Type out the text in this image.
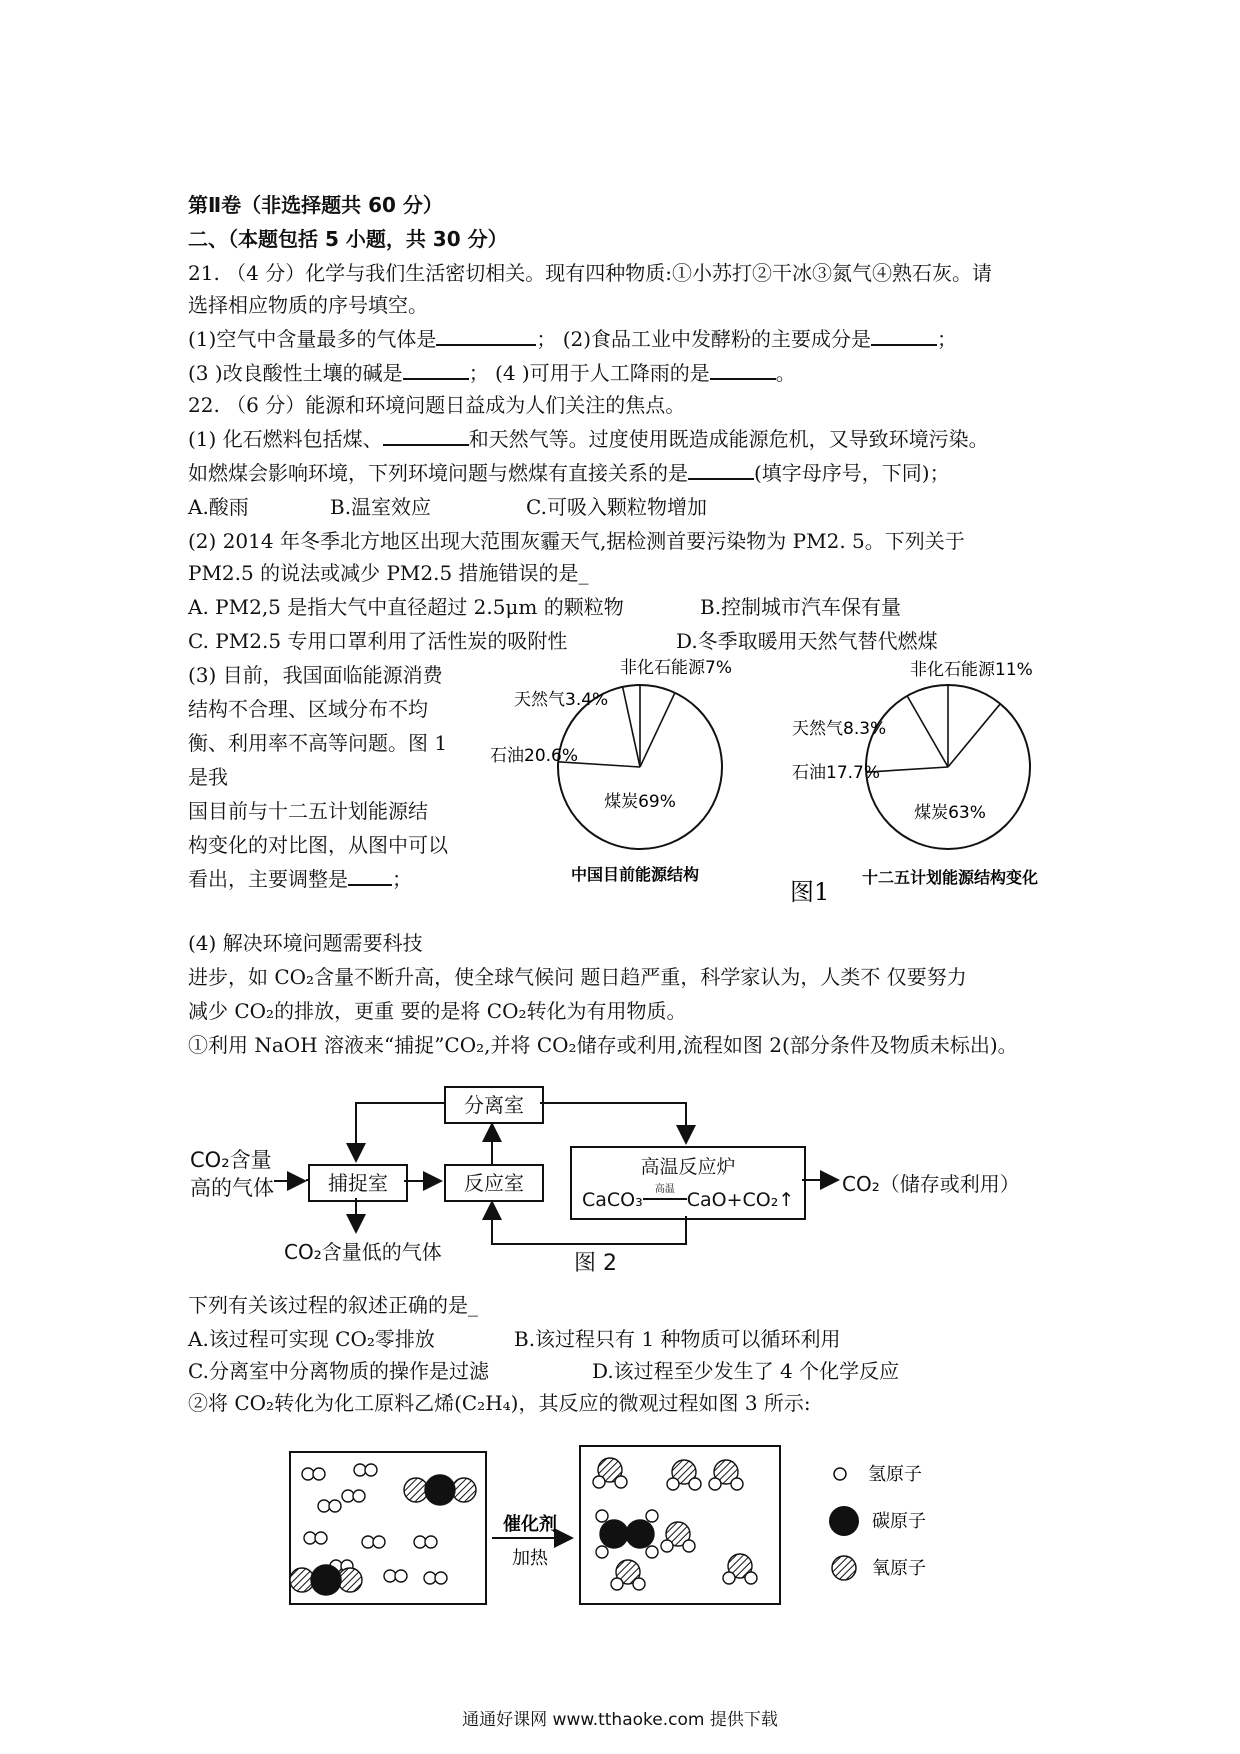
第Ⅱ卷（非选择题共 60 分）
二、（本题包括 5 小题，共 30 分）
21. （4 分）化学与我们生活密切相关。现有四种物质:①小苏打②干冰③氮气④熟石灰。请
选择相应物质的序号填空。
(1)空气中含量最多的气体是	； (2)食品工业中发酵粉的主要成分是	；
(3 )改良酸性土壤的碱是	； (4 )可用于人工降雨的是	。
22. （6 分）能源和环境问题日益成为人们关注的焦点。
(1) 化石燃料包括煤、	和天然气等。过度使用既造成能源危机，又导致环境污染。
如燃煤会影响环境，下列环境问题与燃煤有直接关系的是	(填字母序号，下同)；
A.酸雨	B.温室效应	C.可吸入颗粒物增加
(2) 2014 年冬季北方地区出现大范围灰霾天气,据检测首要污染物为 PM2. 5。下列关于
PM2.5 的说法或减少 PM2.5 措施错误的是_
A. PM2,5 是指大气中直径超过 2.5μm 的颗粒物	B.控制城市汽车保有量
C. PM2.5 专用口罩利用了活性炭的吸附性	D.冬季取暖用天然气替代燃煤
(3) 目前，我国面临能源消费
结构不合理、区域分布不均
衡、利用率不高等问题。图 1
是我
国目前与十二五计划能源结
构变化的对比图，从图中可以
看出，主要调整是 ；
煤炭69%
石油20.6%
天然气3.4%
非化石能源7%
中国目前能源结构
煤炭63%
石油17.7%
天然气8.3%
非化石能源11%
十二五计划能源结构变化
图1
(4) 解决环境问题需要科技
进步，如 CO₂含量不断升高，使全球气候问 题日趋严重，科学家认为，人类不 仅要努力
减少 CO₂的排放，更重 要的是将 CO₂转化为有用物质。
①利用 NaOH 溶液来“捕捉”CO₂,并将 CO₂储存或利用,流程如图 2(部分条件及物质未标出)。
CO₂含量
高的气体
分离室
捕捉室	反应室
高温反应炉
CaCO₃	高温 CaO+CO₂↑
CO₂（储存或利用）
CO₂含量低的气体	图 2
下列有关该过程的叙述正确的是_
A.该过程可实现 CO₂零排放	B.该过程只有 1 种物质可以循环利用
C.分离室中分离物质的操作是过滤	D.该过程至少发生了 4 个化学反应
②将 CO₂转化为化工原料乙烯(C₂H₄)，其反应的微观过程如图 3 所示:
催化剂
加热
氢原子
碳原子
氧原子
通通好课网 www.tthaoke.com 提供下载
